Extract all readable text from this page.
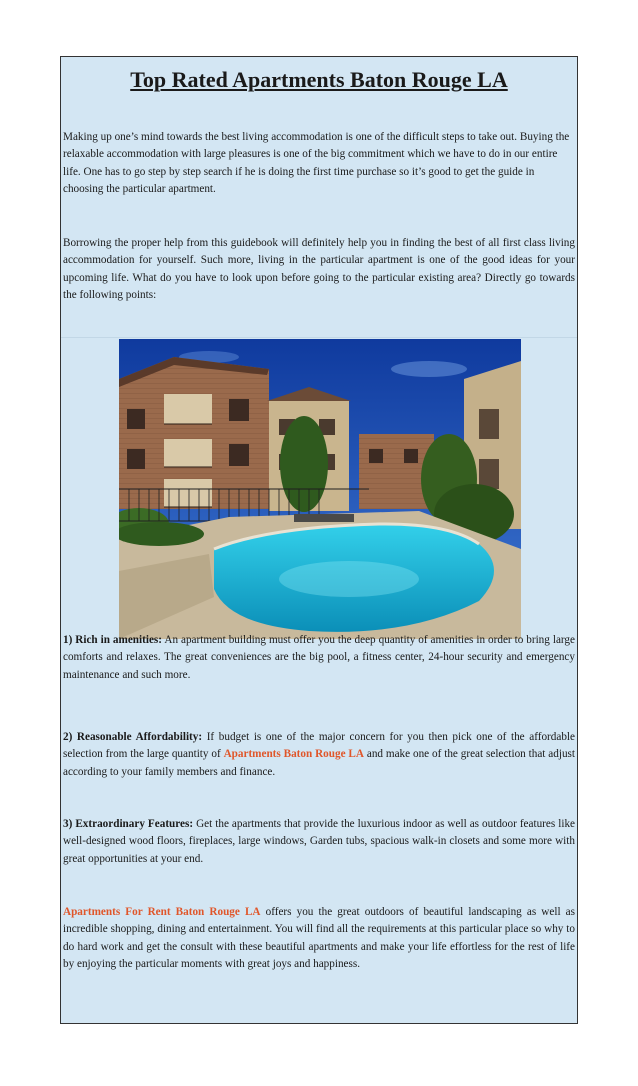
Top Rated Apartments Baton Rouge LA

Making up one’s mind towards the best living accommodation is one of the difficult steps to take out. Buying the relaxable accommodation with large pleasures is one of the big commitment which we have to do in our entire life. One has to go step by step search if he is doing the first time purchase so it’s good to get the guide in choosing the particular apartment.

Borrowing the proper help from this guidebook will definitely help you in finding the best of all first class living accommodation for yourself. Such more, living in the particular apartment is one of the good ideas for your upcoming life. What do you have to look upon before going to the particular existing area? Directly go towards the following points:

1) Rich in amenities: An apartment building must offer you the deep quantity of amenities in order to bring large comforts and relaxes. The great conveniences are the big pool, a fitness center, 24-hour security and emergency maintenance and such more.

2) Reasonable Affordability: If budget is one of the major concern for you then pick one of the affordable selection from the large quantity of Apartments Baton Rouge LA and make one of the great selection that adjust according to your family members and finance.

3) Extraordinary Features: Get the apartments that provide the luxurious indoor as well as outdoor features like well-designed wood floors, fireplaces, large windows, Garden tubs, spacious walk-in closets and some more with great opportunities at your end.

Apartments For Rent Baton Rouge LA offers you the great outdoors of beautiful landscaping as well as incredible shopping, dining and entertainment. You will find all the requirements at this particular place so why to do hard work and get the consult with these beautiful apartments and make your life effortless for the rest of life by enjoying the particular moments with great joys and happiness.
